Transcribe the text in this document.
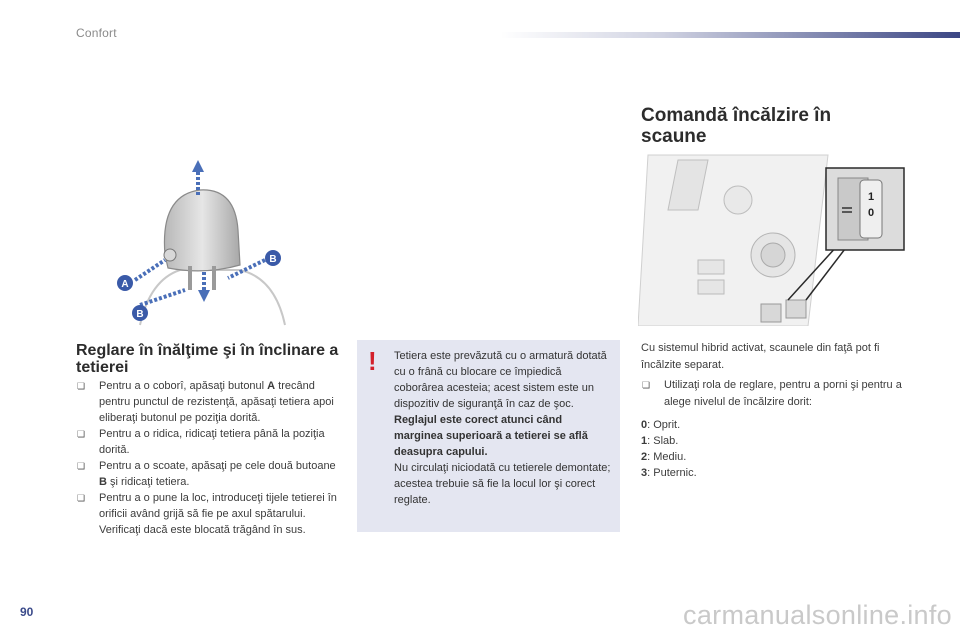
Confort
A
B
B
Reglare în înălţime şi în înclinare a tetierei

❏ Pentru a o coborî, apăsaţi butonul A trecând pentru punctul de rezistenţă, apăsaţi tetiera apoi eliberaţi butonul pe poziţia dorită.

❏ Pentru a o ridica, ridicaţi tetiera până la poziţia dorită.

❏ Pentru a o scoate, apăsaţi pe cele două butoane B şi ridicaţi tetiera.

❏ Pentru a o pune la loc, introduceţi tijele tetierei în orificii având grijă să fie pe axul spătarului. Verificaţi dacă este blocată trăgând în sus.

! Tetiera este prevăzută cu o armatură dotată cu o frână cu blocare ce împiedică coborârea acesteia; acest sistem este un dispozitiv de siguranţă în caz de şoc.

Reglajul este corect atunci când marginea superioară a tetierei se află deasupra capului.

Nu circulaţi niciodată cu tetierele demontate; acestea trebuie să fie la locul lor şi corect reglate.

Comandă încălzire în scaune
1
0

Cu sistemul hibrid activat, scaunele din faţă pot fi încălzite separat.

❏ Utilizaţi rola de reglare, pentru a porni şi pentru a alege nivelul de încălzire dorit:

0: Oprit.
1: Slab.
2: Mediu.
3: Puternic.
90	carmanualsonline.info
